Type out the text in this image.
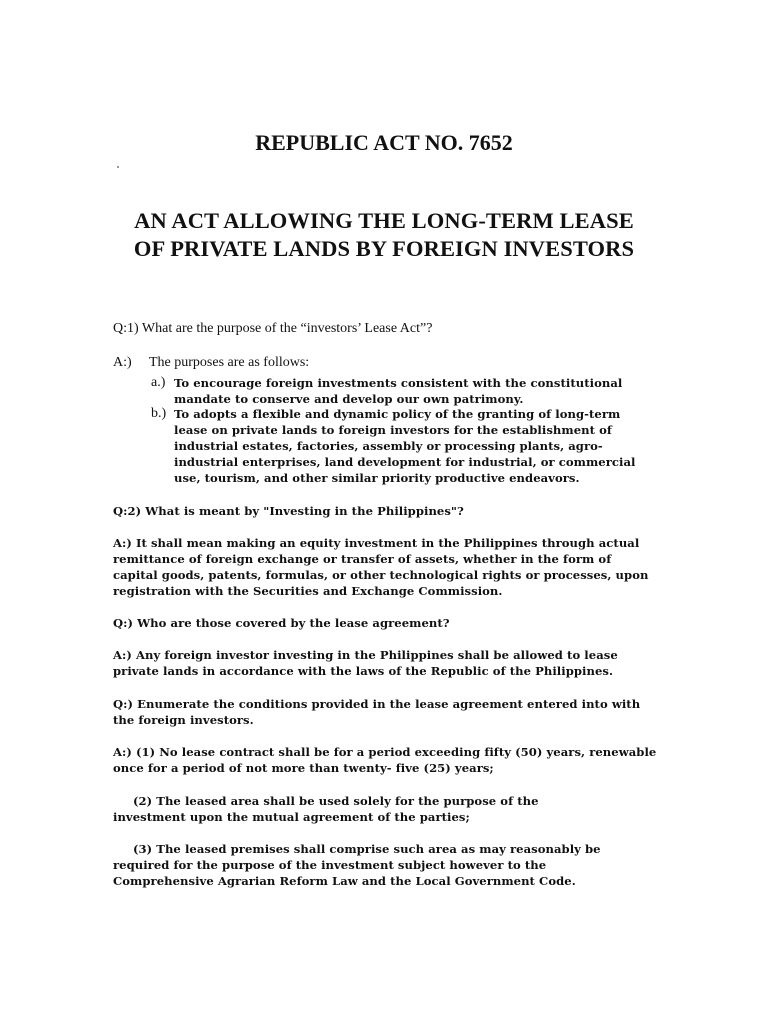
REPUBLIC ACT NO. 7652
AN ACT ALLOWING THE LONG-TERM LEASE
OF PRIVATE LANDS BY FOREIGN INVESTORS
Q:1) What are the purpose of the “investors’ Lease Act”?
A:) The purposes are as follows:
a.) To encourage foreign investments consistent with the constitutional
mandate to conserve and develop our own patrimony.
b.) To adopts a flexible and dynamic policy of the granting of long-term
lease on private lands to foreign investors for the establishment of
industrial estates, factories, assembly or processing plants, agro-
industrial enterprises, land development for industrial, or commercial
use, tourism, and other similar priority productive endeavors.
Q:2) What is meant by "Investing in the Philippines"?
A:) It shall mean making an equity investment in the Philippines through actual
remittance of foreign exchange or transfer of assets, whether in the form of
capital goods, patents, formulas, or other technological rights or processes, upon
registration with the Securities and Exchange Commission.
Q:) Who are those covered by the lease agreement?
A:) Any foreign investor investing in the Philippines shall be allowed to lease
private lands in accordance with the laws of the Republic of the Philippines.
Q:) Enumerate the conditions provided in the lease agreement entered into with
the foreign investors.
A:) (1) No lease contract shall be for a period exceeding fifty (50) years, renewable
once for a period of not more than twenty- five (25) years;
(2) The leased area shall be used solely for the purpose of the
investment upon the mutual agreement of the parties;
(3) The leased premises shall comprise such area as may reasonably be
required for the purpose of the investment subject however to the
Comprehensive Agrarian Reform Law and the Local Government Code.
